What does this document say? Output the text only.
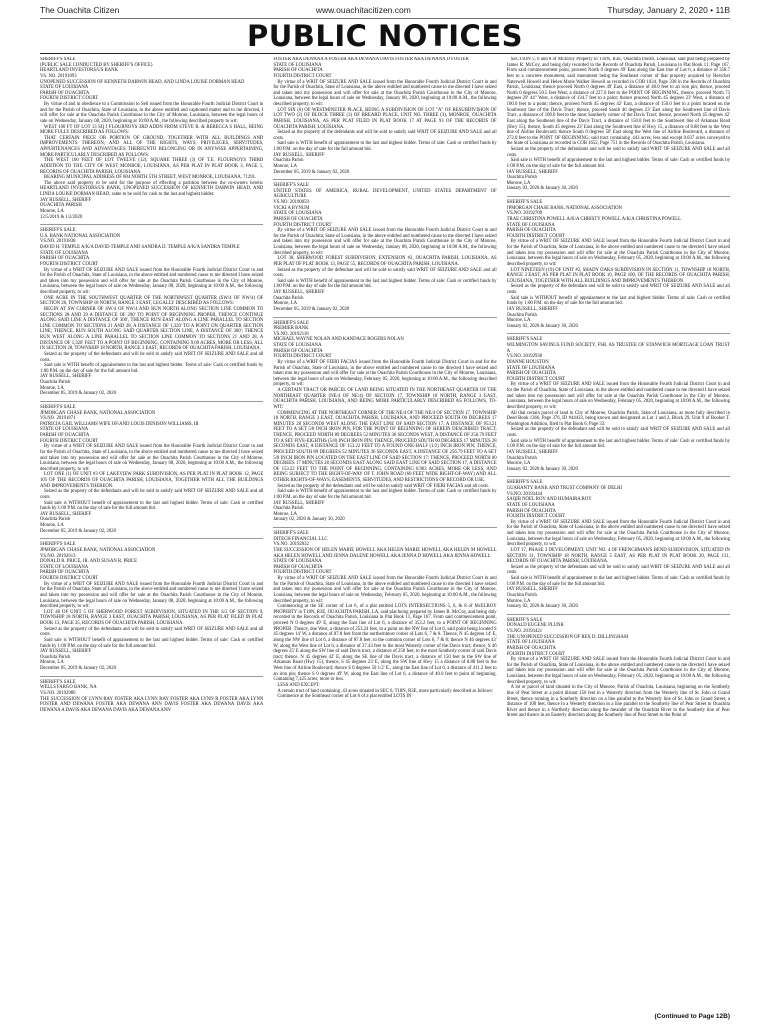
The Ouachita Citizen	www.ouachitacitizen.com	Thursday, January 2, 2020 • 11B
PUBLIC NOTICES
SHERIFF'S SALE
(PUBLIC SALE CONDUCTED BY SHERIFF'S OFFICE)
HEARTLAND INVESTORS/US BANK
VS. NO. 20191093
UNOPENED SUCCESSION OF KENNETH DARWIN HEAD, AND LINDA LOUISE DORMAN HEAD
STATE OF LOUISIANA
PARISH OF OUACHITA
FOURTH DISTRICT COURT
By virtue of and in obedience to a Commission to Sell issued from the Honorable Fourth Judicial District Court in and for the Parish of Ouachita, State of Louisiana, in the above entitled and captioned matter and to me directed, I will offer for sale at the Ouachita Parish Courthouse in the City of Monroe, Louisiana, between the legal hours of sale on Wednesday, January 08, 2020, beginning at 10:00 A.M., the following described property to wit:
WEST 100 FT OF LOT 13 SQ J FLOURNOYS 3RD ADDN FROM STEVE R. & REBECCA S HALL, BEING MORE FULLY DESCRIBED AS FOLLOWS:
THAT CERTAIN PIECE OR PORTION OF GROUND, TOGETHER WITH ALL BUILDINGS AND IMPROVEMENTS THEREON, AND ALL OF THE RIGHTS, WAYS, PRIVILEGES, SERVITUDES, APPURTENANCES AND ADVANTAGES THEREUNTO BELONGING OR IN ANYWISE APPERTAINING, MORE PARTICULARLY DESCRIBED AS FOLLOWS:
THE WEST 100 FEET OF LOT TWELVE (12), SQUARE THREE (J) OF T.E. FLOURNOYS THIRD ADDITION TO THE CITY OF WEST MONROE, LOUISIANA, AS PER PLAT IN PLAT BOOK 3, PAGE 1, RECORDS OF OUACHITA PARISH, LOUISIANA.
BEARING MUNICIPAL ADDRESS OF 804 NORTH 5TH STREET, WEST MONROE, LOUISIANA, 71291.
The above said property to be sold for the purpose of effecting a partition between the co-owners herein: HEARTLAND INVESTORS/US BANK, UNOPENED SUCCESSION OF KENNETH DARWIN HEAD, AND LINDA LOUISE DORMAN HEAD, same to be sold for cash to the last and highest bidder.
JAY RUSSELL, SHERIFF
OUACHITA PARISH
Monroe, LA
12/5/2019 & 1/2/2020
SHERIFF'S SALE
U.S. BANK NATIONAL ASSOCIATION
VS.NO. 20191838
DAVID H. TEMPLE A/K/A DAVID TEMPLE AND SANDRA D. TEMPLE A/K/A SANDRA TEMPLE
STATE OF LOUISIANA
PARISH OF OUACHITA
FOURTH DISTRICT COURT
By virtue of a WRIT OF SEIZURE AND SALE issued from the Honorable Fourth Judicial District Court in and for the Parish of Ouachita, State of Louisiana, in the above entitled and numbered cause to me directed I have seized and taken into my possession and will offer for sale at the Ouachita Parish Courthouse in the City of Monroe, Louisiana, between the legal hours of sale on Wednesday, January 08, 2020, beginning at 10:00 A.M., the following described property, to wit:
ONE ACRE IN THE SOUTHWEST QUARTER OF THE NORTHWEST QUARTER (SW/4 OF NW/4) OF SECTION 28, TOWNSHIP 18 NORTH, RANGE 3 EAST, LEGALLY DESCRIBED AS FOLLOWS:
BEGIN AT SW CORNER OF SW/4 OF NW/4 AND RUN NORTH ALONG SECTION LINE COMMON TO SECTIONS 28 AND 29 A DISTANCE OF 290' TO POINT OF BEGINNING PROPER, THENCE CONTINUE ALONG SAID LINE A DISTANCE OF 300', THENCE RUN EAST ALONG A LINE PARALLEL TO SECTION LINE COMMON TO SECTIONS 21 AND 28, A DISTANCE OF 1,320' TO A POINT ON QUARTER SECTION LINE; THENCE, RUN SOUTH ALONG SAID QUARTER SECTION LINE, A DISTANCE OF 300'; THENCE RUN WEST ALONG A LINE PARALLEL TO SECTION LINE COMMON TO SECTIONS 21 AND 28, A DISTANCE OF 1,320' FEET TO A POINT OF BEGINNING, CONTAINING 9.09 ACRES, MORE OR LESS, ALL IN SECTION 28, TOWNSHIP 18 NORTH, RANGE 3 EAST, RECORDS OF OUACHITA PARISH, LOUISIANA.
Seized as the property of the defendants and will be sold to satisfy said WRIT OF SEIZURE AND SALE and all costs.
Said sale is WITH benefit of appraisement to the last and highest bidder. Terms of sale: Cash or certified funds by 1:00 P.M. on the day of sale for the full amount bid.
JAY RUSSELL, SHERIFF
Ouachita Parish
Monroe, LA
December 05, 2019 & January 02, 2020
SHERIFF'S SALE
JPMORGAN CHASE BANK, NATIONAL ASSOCIATION
VS.NO. 20191871
PATRICIA GAIL WILLIAMS WIFE OF/AND LOUIS DENISON WILLIAMS, III
STATE OF LOUISIANA
PARISH OF OUACHITA
FOURTH DISTRICT COURT
By virtue of a WRIT OF SEIZURE AND SALE issued from the Honorable Fourth Judicial District Court in and for the Parish of Ouachita, State of Louisiana, in the above entitled and numbered cause to me directed I have seized and taken into my possession and will offer for sale at the Ouachita Parish Courthouse in the City of Monroe, Louisiana, between the legal hours of sale on Wednesday, January 08, 2020, beginning at 10:00 A.M., the following described property, to wit:
LOT ONE (1) OF UNIT #3 OF LAKEVIEW PARK SUBDIVISION, AS PER PLAT IN PLAT BOOK 12, PAGE 105 OF THE RECORDS OF OUACHITA PARISH, LOUISIANA, TOGETHER WITH ALL THE BUILDINGS AND IMPROVEMENTS THEREON.
Seized as the property of the defendants and will be sold to satisfy said WRIT OF SEIZURE AND SALE and all costs.
Said sale is WITHOUT benefit of appraisement to the last and highest bidder. Terms of sale: Cash or certified funds by 1:00 P.M. on the day of sale for the full amount bid.
JAY RUSSELL, SHERIFF
Ouachita Parish
Monroe, LA
December 05, 2019 & January 02, 2020
SHERIFF'S SALE
JPMORGAN CHASE BANK, NATIONAL ASSOCIATION
VS.NO. 20192613
DONALD R. PRICE, JR. AND SUSAN R. PRICE
STATE OF LOUISIANA
PARISH OF OUACHITA
FOURTH DISTRICT COURT
By virtue of a WRIT OF SEIZURE AND SALE issued from the Honorable Fourth Judicial District Court in and for the Parish of Ouachita, State of Louisiana, in the above entitled and numbered cause to me directed I have seized and taken into my possession and will offer for sale at the Ouachita Parish Courthouse in the City of Monroe, Louisiana, between the legal hours of sale on Wednesday, January 08, 2020, beginning at 10:00 A.M., the following described property, to wit:
LOT 48 OF UNIT 5 OF SHERWOOD FOREST SUBDIVISION, SITUATED IN THE S/2 OF SECTION 9, TOWNSHIP 18 NORTH, RANGE 3 EAST, OUACHITA PARISH, LOUISIANA, AS PER PLAT FILED IN PLAT BOOK 13, PAGE 35, RECORDS OF OUACHITA PARISH, LOUISIANA.
Seized as the property of the defendants and will be sold to satisfy said WRIT OF SEIZURE AND SALE and all costs.
Said sale is WITHOUT benefit of appraisement to the last and highest bidder. Terms of sale: Cash or certified funds by 1:00 P.M. on the day of sale for the full amount bid.
JAY RUSSELL, SHERIFF
Ouachita Parish
Monroe, LA
December 05, 2019 & January 02, 2020
SHERIFF'S SALE
WELLS FARGO BANK, NA
VS.NO. 20192980
THE SUCCESSION OF LYNN RAY FOSTER AKA LYNN RAY FOSTER AKA LYNN R FOSTER AKA LYNN FOSTER AND DEWANA FOSTER AKA DEWANA ANN DAVIS FOSTER AKA DEWANA DAVIS AKA DEWANA A DAVIS AKA DEWANA DAVIS AKA DEWANA ANN
FOSTER AKA DEWANA A FOSTER AKA DEWANA DAVIS FOSTER AKA DEWANA D FOSTER
STATE OF LOUISIANA
PARISH OF OUACHITA
FOURTH DISTRICT COURT
By virtue of a WRIT OF SEIZURE AND SALE issued from the Honorable Fourth Judicial District Court in and for the Parish of Ouachita, State of Louisiana, in the above entitled and numbered cause to me directed I have seized and taken into my possession and will offer for sale at the Ouachita Parish Courthouse in the City of Monroe, Louisiana, between the legal hours of sale on Wednesday, January 08, 2020, beginning at 10:00 A.M., the following described property, to wit:
LOT SIX (6) OF WESTMINSTER PLACE, BEING A SUBDIVISION OF LOT "A" OF RESUBDIVISION OF LOT TWO (2) OF BLOCK THREE (3) OF BREARD PLACE, UNIT NO. THREE (3), MONROE, OUACHITA PARISH, LOUISIANA, AS PER PLAT FILED IN PLAT BOOK 17 AT PAGE 93 OF THE RECORDS OF OUACHITA PARISH, LOUISIANA.
Seized as the property of the defendants and will be sold to satisfy said WRIT OF SEIZURE AND SALE and all costs.
Said sale is WITH benefit of appraisement to the last and highest bidder. Terms of sale: Cash or certified funds by 1:00 P.M. on the day of sale for the full amount bid.
JAY RUSSELL, SHERIFF
Ouachita Parish
Monroe, LA
December 05, 2019 & January 02, 2020
SHERIFF'S SALE
UNITED STATES OF AMERICA, RURAL DEVELOPMENT, UNITED STATES DEPARTMENT OF AGRICULTURE
VS.NO. 20190059
VICKI A BYNUM
STATE OF LOUISIANA
PARISH OF OUACHITA
FOURTH DISTRICT COURT
By virtue of a WRIT OF SEIZURE AND SALE issued from the Honorable Fourth Judicial District Court in and for the Parish of Ouachita, State of Louisiana, in the above entitled and numbered cause to me directed I have seized and taken into my possession and will offer for sale at the Ouachita Parish Courthouse in the City of Monroe, Louisiana, between the legal hours of sale on Wednesday, January 08, 2020, beginning at 10:00 A.M., the following described property, to wit:
LOT 38, SHERWOOD FOREST SUBDIVISION, EXTENSION #2, OUACHITA PARISH, LOUISIANA, AS PER PLAT OF PLAT BOOK 13, PAGE 55, RECORDS OF OUACHITA PARISH, LOUISIANA.
Seized as the property of the defendant and will be sold to satisfy said WRIT OF SEIZURE AND SALE and all costs.
Said sale is WITH benefit of appraisement to the last and highest bidder. Terms of sale: Cash or certified funds by 1:00 P.M. on the day of sale for the full amount bid.
JAY RUSSELL, SHERIFF
Ouachita Parish
Monroe, LA
December 05, 2019 & January 02, 2020
SHERIFF'S SALE
PREMIER BANK
VS.NO. 20192118
MICHAEL WAYNE NOLAN AND KANDACE ROGERS NOLAN
STATE OF LOUISIANA
PARISH OF OUACHITA
FOURTH DISTRICT COURT
By virtue of a WRIT OF FIERI FACIAS issued from the Honorable Fourth Judicial District Court in and for the Parish of Ouachita, State of Louisiana, in the above entitled and numbered cause to me directed I have seized and taken into my possession and will offer for sale at the Ouachita Parish Courthouse in the City of Monroe, Louisiana, between the legal hours of sale on Wednesday, February 05, 2020, beginning at 10:00 A.M., the following described property, to wit:
A CERTAIN TRACT OR PARCEL OF LAND BEING SITUATED IN THE NORTHEAST QUARTER OF THE NORTHEAST QUARTER (NE/4 OF NE/4) OF SECTION 17, TOWNSHIP 18 NORTH, RANGE 3 EAST, OUACHITA PARISH, LOUISIANA, AND BEING MORE PARTICULARLY DESCRIBED AS FOLLOWS, TO-WIT:
COMMENCING AT THE NORTHEAST CORNER OF THE NE/4 OF THE NE/4 OF SECTION 17, TOWNSHIP 18 NORTH, RANGE 3 EAST, OUACHITA PARISH, LOUISIANA, AND PROCEED SOUTH 00 DEGREES 17 MINUTES 28 SECONDS WEST ALONG THE EAST LINE OF SAID SECTION 17, A DISTANCE OF 953.21 FEET TO A SET 5/8 INCH IRON PIN, FOR THE POINT OF BEGINNING OF HEREIN DESCRIBED TRACT; THENCE, PROCEED NORTH 89 DEGREES 52 MINUTES 36 SECONDS WEST, A DISTANCE OF 256.79 FEET TO A SET FIVE-EIGHTHS (5/8) INCH IRON PIN; THENCE, PROCEED SOUTH 00 DEGREES 17 MINUTES 28 SECONDS EAST, A DISTANCE OF 153.22 FEET TO A FOUND ONE-HALF (1/2) INCH IRON PIN; THENCE, PROCEED SOUTH 89 DEGREES 52 MINUTES 36 SECONDS EAST, A DISTANCE OF 256.79 FEET TO A SET 5/8 INCH IRON PIN LOCATED ON THE EAST LINE OF SAID SECTION 17; THENCE, PROCEED NORTH 00 DEGREES 17 MINUTES 28 SECONDS EAST ALONG SAID EAST LINE OF SAID SECTION 17, A DISTANCE OF 153.22 FEET TO THE POINT OF BEGINNING, CONTAINING 0.903 ACRES, MORE OR LESS, AND BEING SUBJECT TO THE RIGHT-OF-WAY OF T. JOHN ROAD (60 FEET WIDE RIGHT-OF-WAY) AND ALL OTHER RIGHTS-OF-WAYS, EASEMENTS, SERVITUDES, AND RESTRICTIONS OF RECORD OR USE.
Seized as the property of the defendants and will be sold to satisfy said WRIT OF FIERI FACIAS and all costs.
Said sale is WITH benefit of appraisement to the last and highest bidder. Terms of sale: Cash or certified funds by 1:00 P.M. on the day of sale for the full amount bid.
JAY RUSSELL, SHERIFF
Ouachita Parish
Monroe, LA
January 02, 2020 & January 30, 2020
SHERIFF'S SALE
DITECH FINANCIAL LLC
VS.NO. 20192032
THE SUCCESSION OF HELEN MARIE HOWELL AKA HELEN MARIE HOWELL AKA HELEN M HOWELL AKA HELEN HOWELL AND JENNA DALENE HOWELL AKA JENNA D HOWELL AKA JENNA HOWELL
STATE OF LOUISIANA
PARISH OF OUACHITA
FOURTH DISTRICT COURT
By virtue of a WRIT OF SEIZURE AND SALE issued from the Honorable Fourth Judicial District Court in and for the Parish of Ouachita, State of Louisiana, in the above entitled and numbered cause to me directed I have seized and taken into my possession and will offer for sale at the Ouachita Parish Courthouse in the City of Monroe, Louisiana, between the legal hours of sale on Wednesday, February 05, 2020, beginning at 10:00 A.M., the following described property, to wit:
Commencing at the SE corner of Lot 6, of a plat entitled LOTS INTERSECTIONS 5, 6, & 8 of McELROY PROPERTY in T18N, R3E, OUACHITA PARISH, LA, said plat being prepared by James R. McCoy, and being duly recorded in the Records of Ouachita Parish, Louisiana in Plat Book 11, Page 167. From said commencement point, proceed N 0 degrees 49' E, along the East line of Lot 6, a distance of 353.2 feet, to a POINT OF BEGINNING PROPER. Thence, due West, a distance of 253.24 feet, to a point on the NW line of Lot 6, said point being located S 45 degrees 14' W, a distance of 87.8 feet from the northernmost corner of Lots 6, 7 & 8. Thence, N 45 degrees 14' E, along the NW line of Lot 6, a distance of 87.8 feet, to the common corner of Lots 6, 7 & 8; thence N 46 degrees 43' W, along the West line of Lot 6, a distance of 27.43 feet to the most Westerly corner of the Davis tract; thence, S 46 degrees 25' E along the SW line of said Davis tract, a distance of 250 feet, to the most Southerly corner of said Davis tract; thence, N 45 degrees 42' E, along the SE line of the Davis tract, a distance of 150 feet to the SW line of Arkansas Road (Hwy 15); thence, S 45 degrees 23' E, along the SW line of Hwy 15 a distance of 8.88 feet to the West line of Airline Boulevard; thence S 0 degrees 50 1/2' E., along the East line of Lot 6, a distance of 411.2 feet to an iron pin; thence S 0 degrees 49' W, along the East line of Lot 6, a distance of 40.0 feet to point of beginning. Containing 7,425 acres, more or less.
LESS AND EXCEPT:
A certain tract of land containing .43 acres situated in SEC 6, T18N, R3E, more particularly described as follows:
Commence at the Southeast corner of Lot 6 of a plat entitled LOTS IN
SECTION 5, 6 and 8 of McElroy Property in T18N, R3E, Ouachita Parish, Louisiana; said plat being prepared by James R. McCoy, and being duly recorded in the Records of Ouachita Parish, Louisiana in Plat Book 11, Page 167. From said commencement point, proceed North 0 degrees 49' East along the East line of Lot 6, a distance of 358.7 feet to a concrete monument, said monument being the Southeast corner of that property acquired by Herschel Naterwell Howell and Helen Marie Walker Howell as recorded in COB 1034, Page 338 in the Records of Ouachita Parish, Louisiana; thence proceed North 0 degrees 49' East, a distance of 40.0 feet to an iron pin; thence, proceed North 0 degrees 50.5 feet West, a distance of 227.6 feet to the POINT OF BEGINNING, thence, proceed North 73 degrees 29' 44" West, a distance of 134.7 feet to a point; thence proceed North 45 degrees 23' West, a distance of 100.0 feet to a point; thence, proceed North 45 degrees 42' East, a distance of 150.0 feet to a point located on the Southwest line of the Davis Tract; thence, proceed South 46 degrees 23' East along the Southwest line of Davis Tract, a distance of 100.0 feet to the most Southerly corner of the Davis Tract; thence, proceed North 45 degrees 42' East along the Southeast line of the Davis Tract, a distance of 150.0 feet to the Southwest line of Arkansas Road (Hwy 15); thence, South 45 degrees 23' East along the Southwest line of Hwy 15, a distance of 8.88 feet to the West line of Airline Boulevard; thence South 0 degrees 50' East along the West line of Airline Boulevard, a distance of 272.0 feet to the POINT OF BEGINNING; said tract containing .443 acres, less and except 0.037 acres conveyed to the State of Louisiana as recorded in COB 1652, Page 751 in the Records of Ouachita Parish, Louisiana.
Seized as the property of the defendants and will be sold to satisfy said WRIT OF SEIZURE AND SALE and all costs.
Said sale is WITH benefit of appraisement to the last and highest bidder. Terms of sale: Cash or certified funds by 1:00 P.M. on the day of sale for the full amount bid.
JAY RUSSELL, SHERIFF
Ouachita Parish
Monroe, LA
January 02, 2020 & January 30, 2020
SHERIFF'S SALE
JPMORGAN CHASE BANK, NATIONAL ASSOCIATION
VS.NO. 20192709
TRAE CHRISTINA POWELL A/K/A CHRISTY POWELL A/K/A CHRISTINA POWELL
STATE OF LOUISIANA
PARISH OF OUACHITA
FOURTH DISTRICT COURT
By virtue of a WRIT OF SEIZURE AND SALE issued from the Honorable Fourth Judicial District Court in and for the Parish of Ouachita, State of Louisiana, in the above entitled and numbered cause to me directed I have seized and taken into my possession and will offer for sale at the Ouachita Parish Courthouse in the City of Monroe, Louisiana, between the legal hours of sale on Wednesday, February 05, 2020, beginning at 10:00 A.M., the following described property, to wit:
LOT NINETEEN (19) OF UNIT #2, SHADY OAKS SUBDIVISION IN SECTION 11, TOWNSHIP 18 NORTH, RANGE 3 EAST, AS PER PLAT IN PLAT BOOK 10, PAGE 100, OF THE RECORDS OF OUACHITA PARISH, LOUISIANA, TOGETHER WITH ALL BUILDINGS AND IMPROVEMENTS THEREON.
Seized as the property of the defendant and will be sold to satisfy said WRIT OF SEIZURE AND SALE and all costs.
Said sale is WITHOUT benefit of appraisement to the last and highest bidder. Terms of sale: Cash or certified funds by 1:00 P.M. on the day of sale for the full amount bid.
JAY RUSSELL, SHERIFF
Ouachita Parish
Monroe, LA
January 02, 2020 & January 30, 2020
SHERIFF'S SALE
WILMINGTON SAVINGS FUND SOCIETY, FSB, AS TRUSTEE OF STANWICH MORTGAGE LOAN TRUST A
VS.NO. 20192930
DIANNE HOUSTON
STATE OF LOUISIANA
PARISH OF OUACHITA
FOURTH DISTRICT COURT
By virtue of a WRIT OF SEIZURE AND SALE issued from the Honorable Fourth Judicial District Court in and for the Parish of Ouachita, State of Louisiana, in the above entitled and numbered cause to me directed I have seized and taken into my possession and will offer for sale at the Ouachita Parish Courthouse in the City of Monroe, Louisiana, between the legal hours of sale on Wednesday, February 05, 2020, beginning at 10:00 A.M., the following described property, to wit:
All that certain parcel of land in City of Monroe, Ouachita Parish, State of Louisiana, as more fully described in Deed Book 1366, Page 376, ID #44433, being known and designated as Lot 1 and 2, Block 29, Unit 9 of Booker T. Washington Addition, filed in Plat Book 6, Page 33.
Seized as the property of the defendant and will be sold to satisfy said WRIT OF SEIZURE AND SALE and all costs.
Said sale is WITH benefit of appraisement to the last and highest bidder. Terms of sale: Cash or certified funds by 1:00 P.M. on the day of sale for the full amount bid.
JAY RUSSELL, SHERIFF
Ouachita Parish
Monroe, LA
January 02, 2020 & January 30, 2020
SHERIFF'S SALE
GUARANTY BANK AND TRUST COMPANY OF DELHI
VS.NO. 20193444
SAQIB NOEL ROY AND HUMAIRA ROY
STATE OF LOUISIANA
PARISH OF OUACHITA
FOURTH DISTRICT COURT
By virtue of a WRIT OF SEIZURE AND SALE issued from the Honorable Fourth Judicial District Court in and for the Parish of Ouachita, State of Louisiana, in the above entitled and numbered cause to me directed I have seized and taken into my possession and will offer for sale at the Ouachita Parish Courthouse in the City of Monroe, Louisiana, between the legal hours of sale on Wednesday, February 05, 2020, beginning at 10:00 A.M., the following described property, to wit:
LOT 17, PHASE 3 DEVELOPMENT, UNIT NO. 4 OF FRENCHMAN'S BEND SUBDIVISION, SITUATED IN SECTION 31, TOWNSHIP 18 NORTH, RANGE 5 EAST, AS PER PLAT IN PLAT BOOK 20, PAGE 131, RECORDS OF OUACHITA PARISH, LOUISIANA.
Seized as the property of the defendants and will be sold to satisfy said WRIT OF SEIZURE AND SALE and all costs.
Said sale is WITH benefit of appraisement to the last and highest bidder. Terms of sale: Cash or certified funds by 1:00 P.M. on the day of sale for the full amount bid.
JAY RUSSELL, SHERIFF
Ouachita Parish
Monroe, LA
January 02, 2020 & January 30, 2020
SHERIFF'S SALE
DONALD EUGENE PLUNK
VS.NO. 20193421
THE UNOPENED SUCCESSION OF REX D. DILLINGHAM
STATE OF LOUISIANA
PARISH OF OUACHITA
FOURTH DISTRICT COURT
By virtue of a WRIT OF SEIZURE AND SALE issued from the Honorable Fourth Judicial District Court in and for the Parish of Ouachita, State of Louisiana, in the above entitled and numbered cause to me directed I have seized and taken into my possession and will offer for sale at the Ouachita Parish Courthouse in the City of Monroe, Louisiana, between the legal hours of sale on Wednesday, February 05, 2020, beginning at 10:00 A.M., the following described property, to wit:
A lot or parcel of land situated in the City of Monroe, Parish of Ouachita, Louisiana, beginning on the Southerly line of Pear Street at a point distant 150 feet in a Westerly direction from the Westerly line of St. John or Grand Street, thence running in a Southerly direction on a line parallel to the Westerly line of St. John or Grand Street, a distance of 100 feet, thence in a Westerly direction in a line parallel to the Southerly line of Pear Street to Ouachita River and thence in a Northerly direction along the meander of the Ouachita River to the Southerly line of Pear Street and thence in an Easterly direction along the Southerly line of Pear Street to the Point of
(Continued to Page 12B)
